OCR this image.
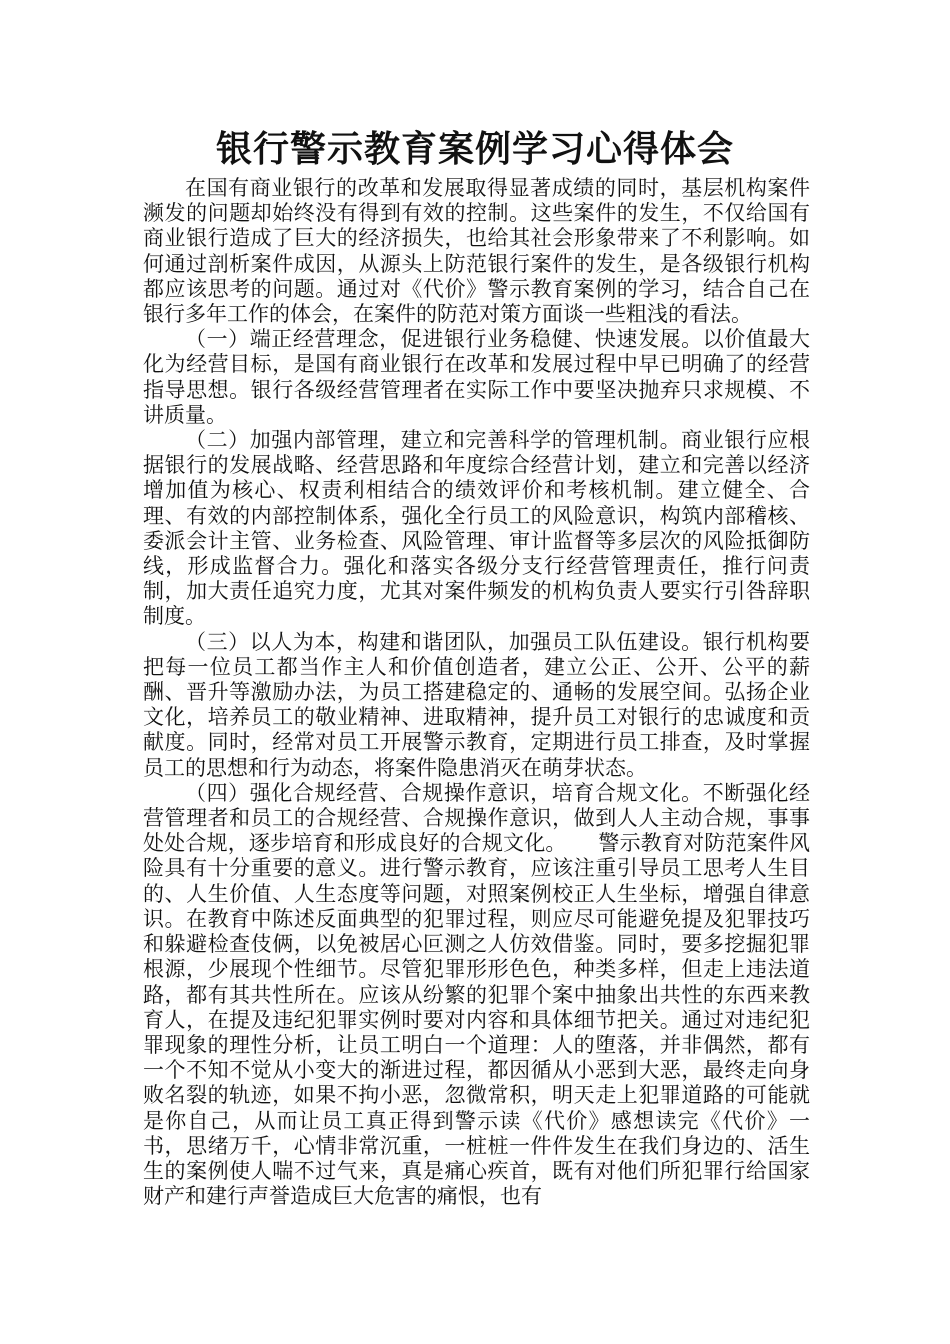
银行警示教育案例学习心得体会

在国有商业银行的改革和发展取得显著成绩的同时，基层机构案件濒发的问题却始终没有得到有效的控制。这些案件的发生，不仅给国有商业银行造成了巨大的经济损失，也给其社会形象带来了不利影响。如何通过剖析案件成因，从源头上防范银行案件的发生，是各级银行机构都应该思考的问题。通过对《代价》警示教育案例的学习，结合自己在银行多年工作的体会，在案件的防范对策方面谈一些粗浅的看法。

（一）端正经营理念，促进银行业务稳健、快速发展。以价值最大化为经营目标，是国有商业银行在改革和发展过程中早已明确了的经营指导思想。银行各级经营管理者在实际工作中要坚决抛弃只求规模、不讲质量。

（二）加强内部管理，建立和完善科学的管理机制。商业银行应根据银行的发展战略、经营思路和年度综合经营计划，建立和完善以经济增加值为核心、权责利相结合的绩效评价和考核机制。建立健全、合理、有效的内部控制体系，强化全行员工的风险意识，构筑内部稽核、委派会计主管、业务检查、风险管理、审计监督等多层次的风险抵御防线，形成监督合力。强化和落实各级分支行经营管理责任，推行问责制，加大责任追究力度，尤其对案件频发的机构负责人要实行引咎辞职制度。

（三）以人为本，构建和谐团队，加强员工队伍建设。银行机构要把每一位员工都当作主人和价值创造者，建立公正、公开、公平的薪酬、晋升等激励办法，为员工搭建稳定的、通畅的发展空间。弘扬企业文化，培养员工的敬业精神、进取精神，提升员工对银行的忠诚度和贡献度。同时，经常对员工开展警示教育，定期进行员工排查，及时掌握员工的思想和行为动态，将案件隐患消灭在萌芽状态。

（四）强化合规经营、合规操作意识，培育合规文化。不断强化经营管理者和员工的合规经营、合规操作意识，做到人人主动合规，事事处处合规，逐步培育和形成良好的合规文化。　　警示教育对防范案件风险具有十分重要的意义。进行警示教育，应该注重引导员工思考人生目的、人生价值、人生态度等问题，对照案例校正人生坐标，增强自律意识。在教育中陈述反面典型的犯罪过程，则应尽可能避免提及犯罪技巧和躲避检查伎俩，以免被居心叵测之人仿效借鉴。同时，要多挖掘犯罪根源，少展现个性细节。尽管犯罪形形色色，种类多样，但走上违法道路，都有其共性所在。应该从纷繁的犯罪个案中抽象出共性的东西来教育人，在提及违纪犯罪实例时要对内容和具体细节把关。通过对违纪犯罪现象的理性分析，让员工明白一个道理：人的堕落，并非偶然，都有一个不知不觉从小变大的渐进过程，都因循从小恶到大恶，最终走向身败名裂的轨迹，如果不拘小恶，忽微常积，明天走上犯罪道路的可能就是你自己，从而让员工真正得到警示读《代价》感想读完《代价》一书，思绪万千，心情非常沉重，一桩桩一件件发生在我们身边的、活生生的案例使人喘不过气来，真是痛心疾首，既有对他们所犯罪行给国家财产和建行声誉造成巨大危害的痛恨，也有
